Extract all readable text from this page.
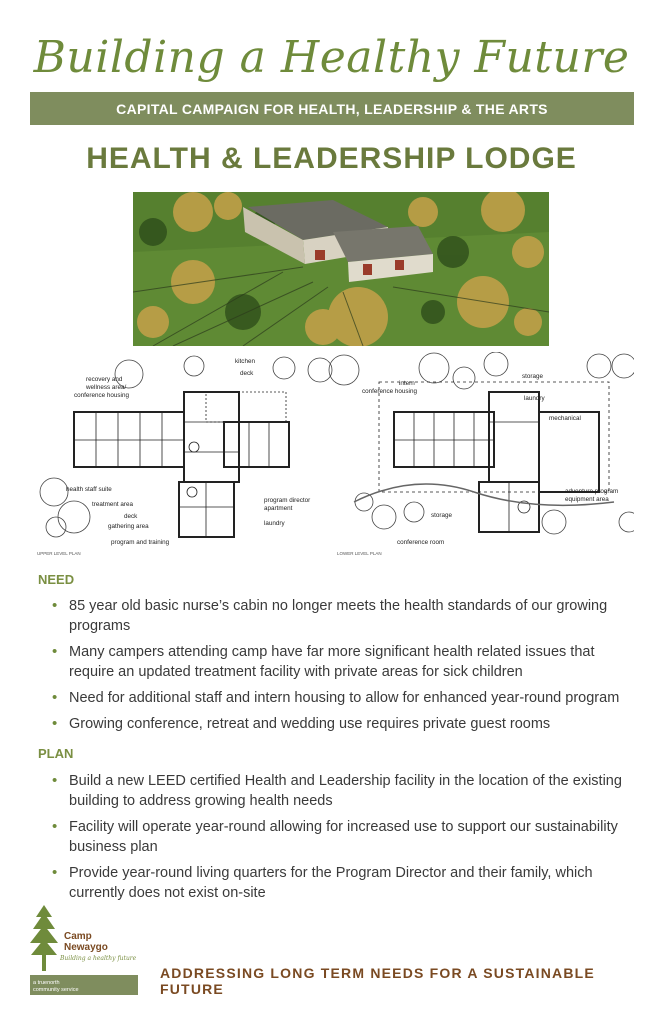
Building a Healthy Future
CAPITAL CAMPAIGN FOR HEALTH, LEADERSHIP & THE ARTS
HEALTH & LEADERSHIP LODGE
kitchen
deck
recovery and
wellness area/
conference housing
health staff suite
treatment area
deck
gathering area
program and training
program director
apartment
laundry
UPPER LEVEL PLAN
storage
intern
conference housing
laundry
mechanical
adventure program
equipment area
storage
conference room
LOWER LEVEL PLAN
NEED
• 85 year old basic nurse’s cabin no longer meets the health standards of our growing programs
• Many campers attending camp have far more significant health related issues that require an updated treatment facility with private areas for sick children
• Need for additional staff and intern housing to allow for enhanced year-round program
• Growing conference, retreat and wedding use requires private guest rooms
PLAN
• Build a new LEED certified Health and Leadership facility in the location of the existing building to address growing health needs
• Facility will operate year-round allowing for increased use to support our sustainability business plan
• Provide year-round living quarters for the Program Director and their family, which currently does not exist on-site
Camp
Newaygo
Building a healthy future
a truenorth
community service
ADDRESSING LONG TERM NEEDS FOR A SUSTAINABLE FUTURE
